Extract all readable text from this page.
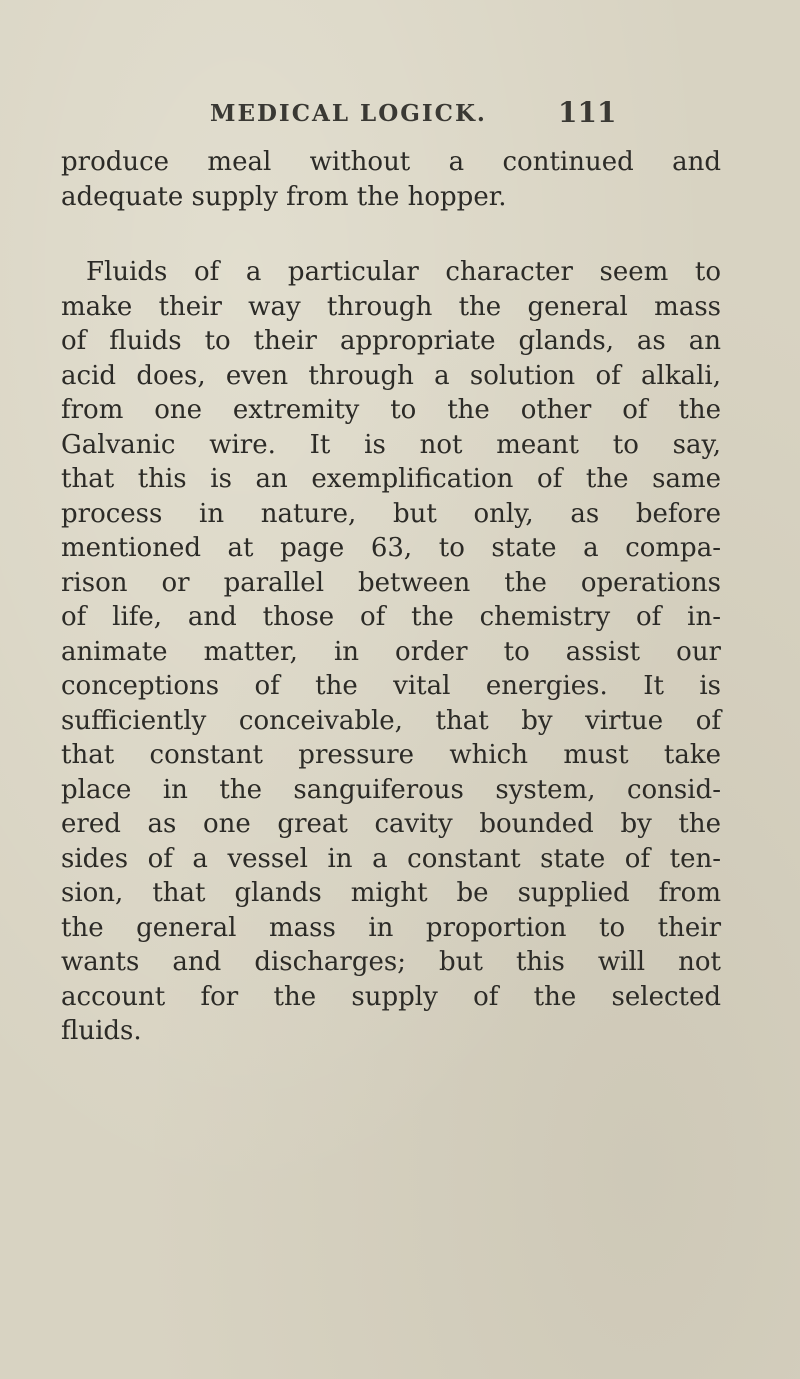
MEDICAL LOGICK.	111
produce meal without a continued and
adequate supply from the hopper.
Fluids of a particular character seem to
make their way through the general mass
of fluids to their appropriate glands, as an
acid does, even through a solution of alkali,
from one extremity to the other of the
Galvanic wire. It is not meant to say,
that this is an exemplification of the same
process in nature, but only, as before
mentioned at page 63, to state a compa-
rison or parallel between the operations
of life, and those of the chemistry of in-
animate matter, in order to assist our
conceptions of the vital energies. It is
sufficiently conceivable, that by virtue of
that constant pressure which must take
place in the sanguiferous system, consid-
ered as one great cavity bounded by the
sides of a vessel in a constant state of ten-
sion, that glands might be supplied from
the general mass in proportion to their
wants and discharges; but this will not
account for the supply of the selected
fluids.
